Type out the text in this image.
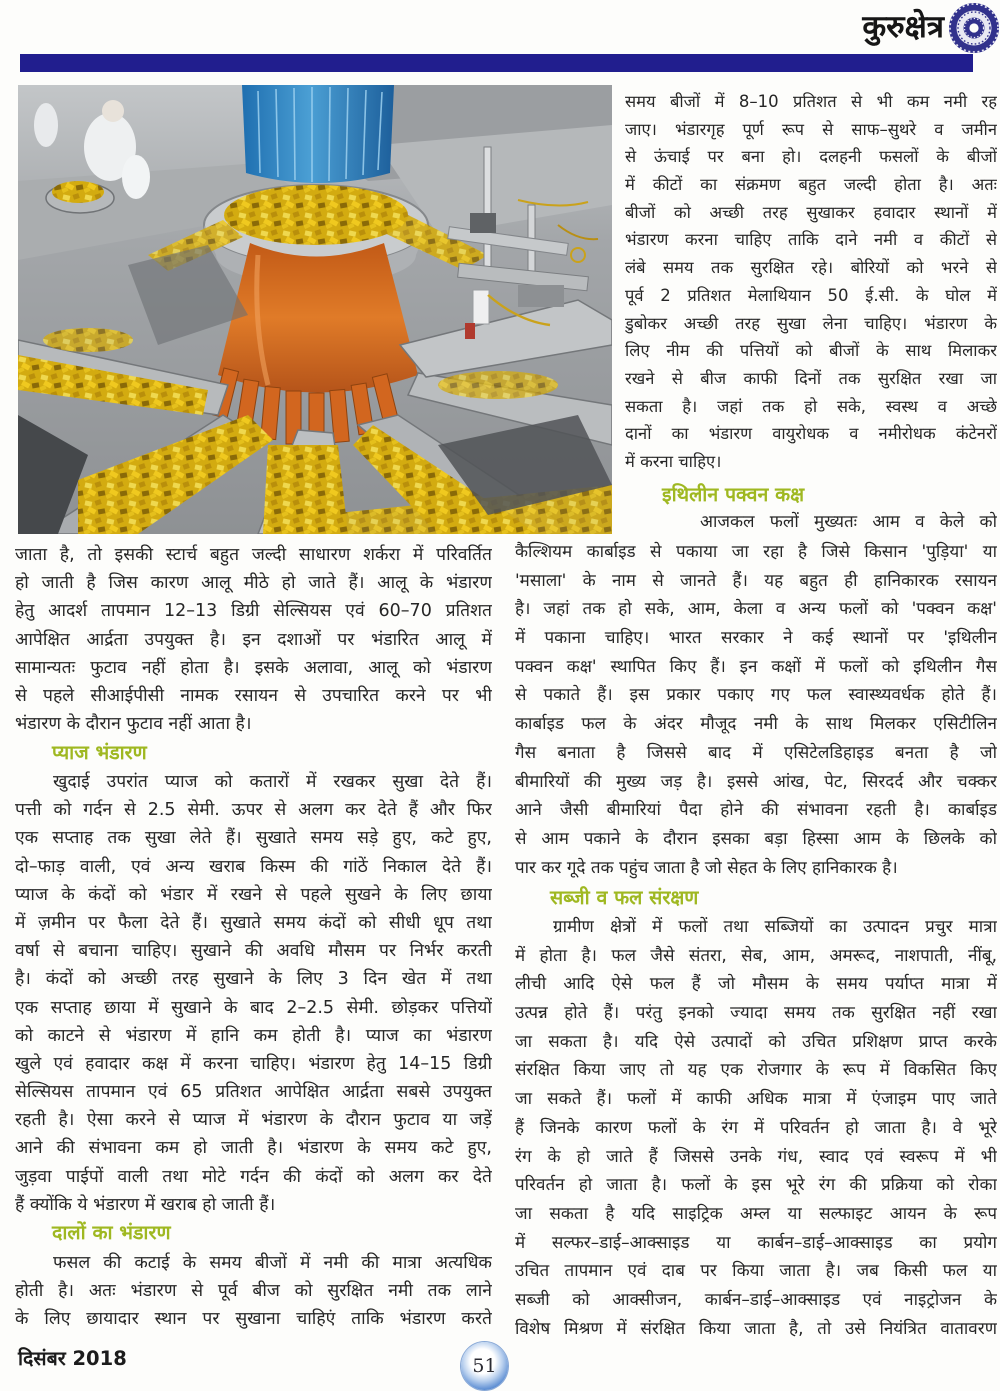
कुरुक्षेत्र
समय बीजों में 8–10 प्रतिशत से भी कम नमी रह
जाए। भंडारगृह पूर्ण रूप से साफ–सुथरे व जमीन
से ऊंचाई पर बना हो। दलहनी फसलों के बीजों
में कीटों का संक्रमण बहुत जल्दी होता है। अतः
बीजों को अच्छी तरह सुखाकर हवादार स्थानों में
भंडारण करना चाहिए ताकि दाने नमी व कीटों से
लंबे समय तक सुरक्षित रहे। बोरियों को भरने से
पूर्व 2 प्रतिशत मेलाथियान 50 ई.सी. के घोल में
डुबोकर अच्छी तरह सुखा लेना चाहिए। भंडारण के
लिए नीम की पत्तियों को बीजों के साथ मिलाकर
रखने से बीज काफी दिनों तक सुरक्षित रखा जा
सकता है। जहां तक हो सके, स्वस्थ व अच्छे
दानों का भंडारण वायुरोधक व नमीरोधक कंटेनरों
में करना चाहिए।
इथिलीन पक्वन कक्ष
आजकल फलों मुख्यतः आम व केले को
कैल्शियम कार्बाइड से पकाया जा रहा है जिसे किसान 'पुड़िया' या
'मसाला' के नाम से जानते हैं। यह बहुत ही हानिकारक रसायन
है। जहां तक हो सके, आम, केला व अन्य फलों को 'पक्वन कक्ष'
में पकाना चाहिए। भारत सरकार ने कई स्थानों पर 'इथिलीन
पक्वन कक्ष' स्थापित किए हैं। इन कक्षों में फलों को इथिलीन गैस
से पकाते हैं। इस प्रकार पकाए गए फल स्वास्थ्यवर्धक होते हैं।
कार्बाइड फल के अंदर मौजूद नमी के साथ मिलकर एसिटीलिन
गैस बनाता है जिससे बाद में एसिटेलडिहाइड बनता है जो
बीमारियों की मुख्य जड़ है। इससे आंख, पेट, सिरदर्द और चक्कर
आने जैसी बीमारियां पैदा होने की संभावना रहती है। कार्बाइड
से आम पकाने के दौरान इसका बड़ा हिस्सा आम के छिलके को
पार कर गूदे तक पहुंच जाता है जो सेहत के लिए हानिकारक है।
सब्जी व फल संरक्षण
ग्रामीण क्षेत्रों में फलों तथा सब्जियों का उत्पादन प्रचुर मात्रा
में होता है। फल जैसे संतरा, सेब, आम, अमरूद, नाशपाती, नींबू,
लीची आदि ऐसे फल हैं जो मौसम के समय पर्याप्त मात्रा में
उत्पन्न होते हैं। परंतु इनको ज्यादा समय तक सुरक्षित नहीं रखा
जा सकता है। यदि ऐसे उत्पादों को उचित प्रशिक्षण प्राप्त करके
संरक्षित किया जाए तो यह एक रोजगार के रूप में विकसित किए
जा सकते हैं। फलों में काफी अधिक मात्रा में एंजाइम पाए जाते
हैं जिनके कारण फलों के रंग में परिवर्तन हो जाता है। वे भूरे
रंग के हो जाते हैं जिससे उनके गंध, स्वाद एवं स्वरूप में भी
परिवर्तन हो जाता है। फलों के इस भूरे रंग की प्रक्रिया को रोका
जा सकता है यदि साइट्रिक अम्ल या सल्फाइट आयन के रूप
में सल्फर–डाई–आक्साइड या कार्बन–डाई–आक्साइड का प्रयोग
उचित तापमान एवं दाब पर किया जाता है। जब किसी फल या
सब्जी को आक्सीजन, कार्बन–डाई–आक्साइड एवं नाइट्रोजन के
विशेष मिश्रण में संरक्षित किया जाता है, तो उसे नियंत्रित वातावरण
जाता है, तो इसकी स्टार्च बहुत जल्दी साधारण शर्करा में परिवर्तित
हो जाती है जिस कारण आलू मीठे हो जाते हैं। आलू के भंडारण
हेतु आदर्श तापमान 12–13 डिग्री सेल्सियस एवं 60–70 प्रतिशत
आपेक्षित आर्द्रता उपयुक्त है। इन दशाओं पर भंडारित आलू में
सामान्यतः फुटाव नहीं होता है। इसके अलावा, आलू को भंडारण
से पहले सीआईपीसी नामक रसायन से उपचारित करने पर भी
भंडारण के दौरान फुटाव नहीं आता है।
प्याज भंडारण
खुदाई उपरांत प्याज को कतारों में रखकर सुखा देते हैं।
पत्ती को गर्दन से 2.5 सेमी. ऊपर से अलग कर देते हैं और फिर
एक सप्ताह तक सुखा लेते हैं। सुखाते समय सड़े हुए, कटे हुए,
दो–फाड़ वाली, एवं अन्य खराब किस्म की गांठें निकाल देते हैं।
प्याज के कंदों को भंडार में रखने से पहले सुखने के लिए छाया
में ज़मीन पर फैला देते हैं। सुखाते समय कंदों को सीधी धूप तथा
वर्षा से बचाना चाहिए। सुखाने की अवधि मौसम पर निर्भर करती
है। कंदों को अच्छी तरह सुखाने के लिए 3 दिन खेत में तथा
एक सप्ताह छाया में सुखाने के बाद 2–2.5 सेमी. छोड़कर पत्तियों
को काटने से भंडारण में हानि कम होती है। प्याज का भंडारण
खुले एवं हवादार कक्ष में करना चाहिए। भंडारण हेतु 14–15 डिग्री
सेल्सियस तापमान एवं 65 प्रतिशत आपेक्षित आर्द्रता सबसे उपयुक्त
रहती है। ऐसा करने से प्याज में भंडारण के दौरान फुटाव या जड़ें
आने की संभावना कम हो जाती है। भंडारण के समय कटे हुए,
जुड़वा पाईपों वाली तथा मोटे गर्दन की कंदों को अलग कर देते
हैं क्योंकि ये भंडारण में खराब हो जाती हैं।
दालों का भंडारण
फसल की कटाई के समय बीजों में नमी की मात्रा अत्यधिक
होती है। अतः भंडारण से पूर्व बीज को सुरक्षित नमी तक लाने
के लिए छायादार स्थान पर सुखाना चाहिएं ताकि भंडारण करते
दिसंबर 2018	51
